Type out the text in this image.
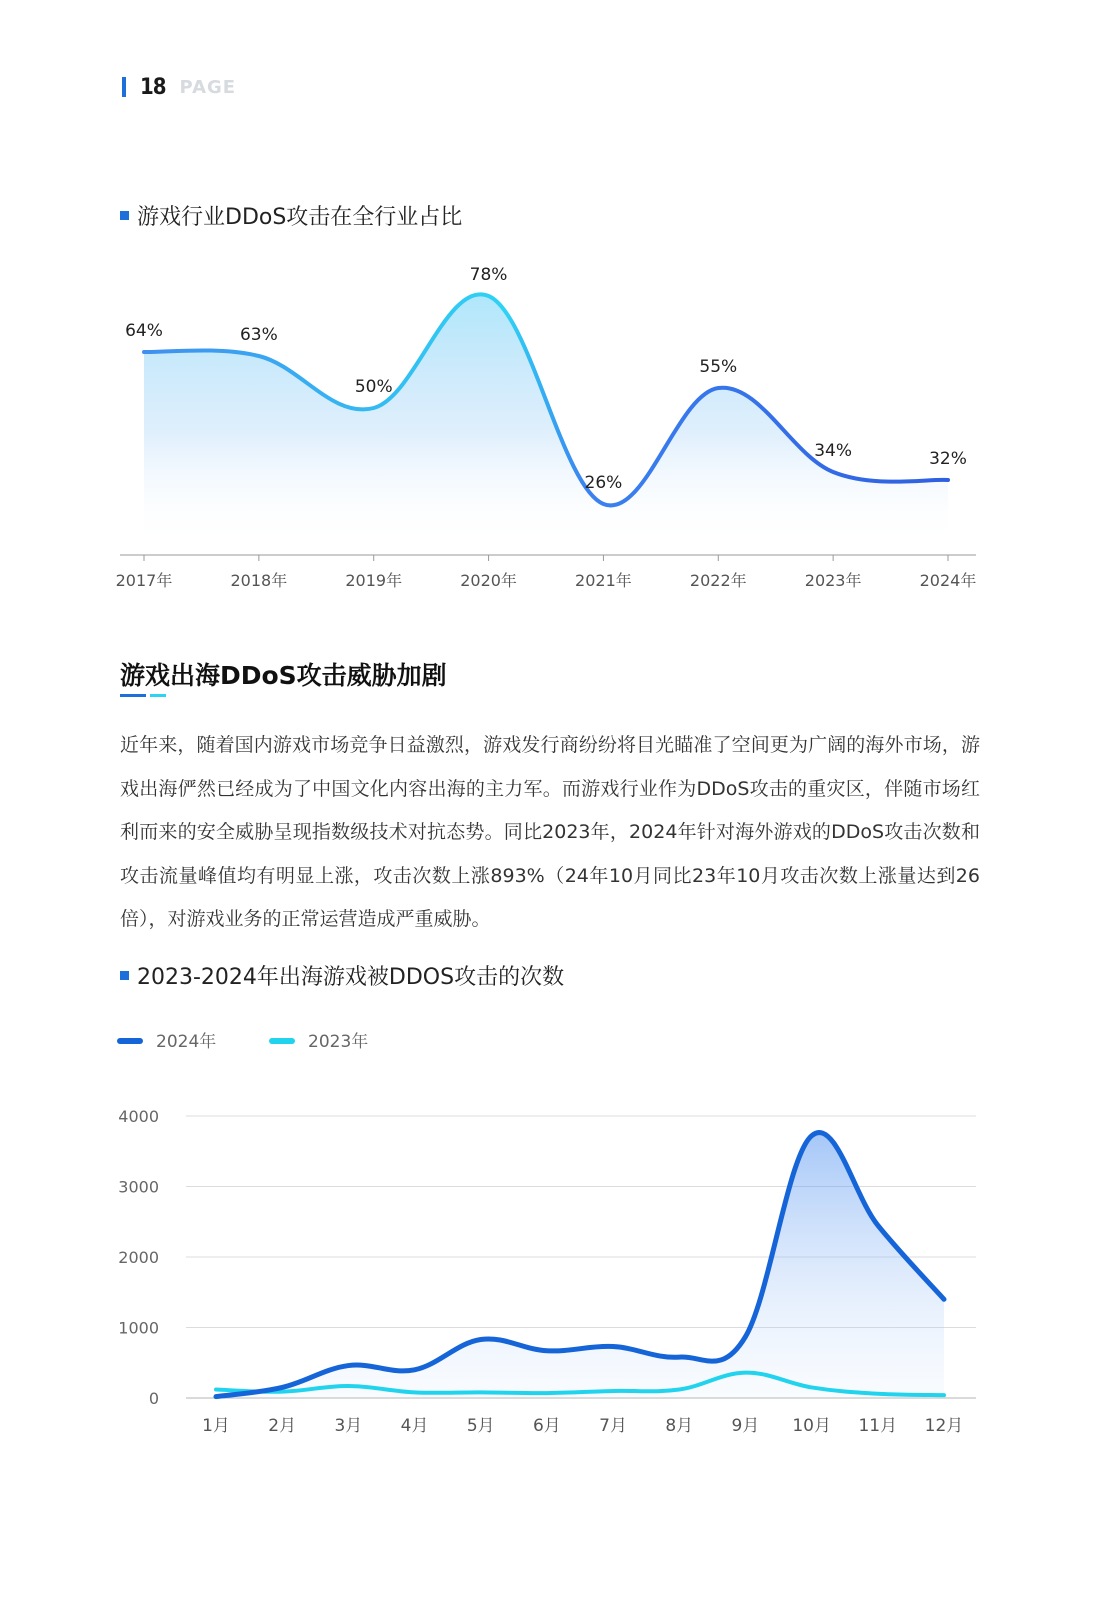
18 PAGE
游戏行业DDoS攻击在全行业占比
64%	63%
50%
78%
26%
55%
34%	32%
2017年	2018年	2019年	2020年	2021年	2022年	2023年	2024年
游戏出海DDoS攻击威胁加剧
近年来，随着国内游戏市场竞争日益激烈，游戏发行商纷纷将目光瞄准了空间更为广阔的海外市场，游戏出海俨然已经成为了中国文化内容出海的主力军。而游戏行业作为DDoS攻击的重灾区，伴随市场红利而来的安全威胁呈现指数级技术对抗态势。同比2023年，2024年针对海外游戏的DDoS攻击次数和攻击流量峰值均有明显上涨，攻击次数上涨893%（24年10月同比23年10月攻击次数上涨量达到26倍），对游戏业务的正常运营造成严重威胁。
2023-2024年出海游戏被DDOS攻击的次数
2024年	2023年
0
1000
2000
3000
4000
1月 2月 3月 4月 5月 6月 7月 8月 9月 10月 11月 12月
